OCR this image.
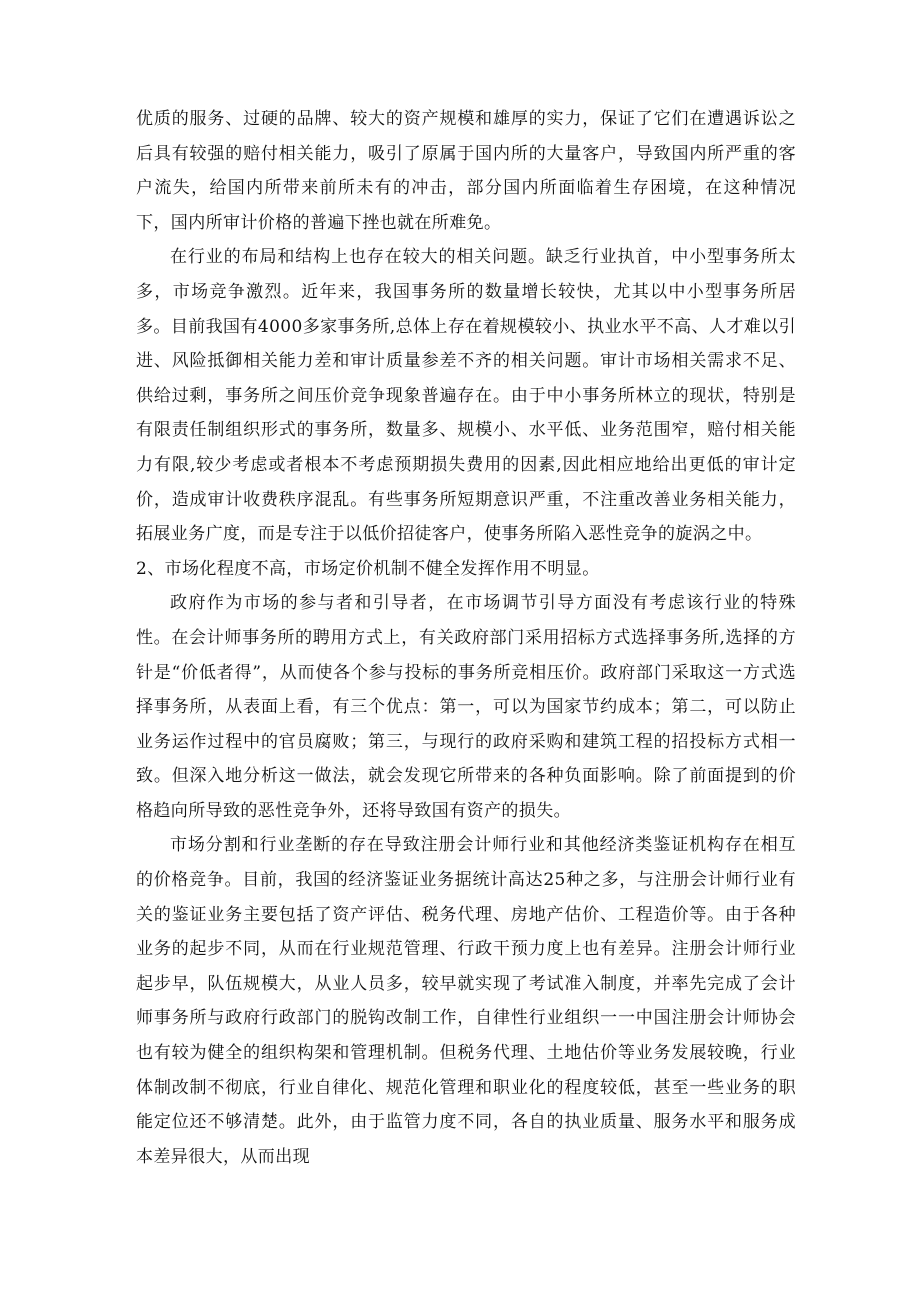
优质的服务、过硬的品牌、较大的资产规模和雄厚的实力，保证了它们在遭遇诉讼之后具有较强的赔付相关能力，吸引了原属于国内所的大量客户，导致国内所严重的客户流失，给国内所带来前所未有的冲击，部分国内所面临着生存困境，在这种情况下，国内所审计价格的普遍下挫也就在所难免。

在行业的布局和结构上也存在较大的相关问题。缺乏行业执首，中小型事务所太多，市场竞争激烈。近年来，我国事务所的数量增长较快，尤其以中小型事务所居多。目前我国有4000多家事务所,总体上存在着规模较小、执业水平不高、人才难以引进、风险抵御相关能力差和审计质量参差不齐的相关问题。审计市场相关需求不足、供给过剩，事务所之间压价竞争现象普遍存在。由于中小事务所林立的现状，特别是有限责任制组织形式的事务所，数量多、规模小、水平低、业务范围窄，赔付相关能力有限,较少考虑或者根本不考虑预期损失费用的因素,因此相应地给出更低的审计定价，造成审计收费秩序混乱。有些事务所短期意识严重，不注重改善业务相关能力，拓展业务广度，而是专注于以低价招徒客户，使事务所陷入恶性竞争的旋涡之中。

2、市场化程度不高，市场定价机制不健全发挥作用不明显。

政府作为市场的参与者和引导者，在市场调节引导方面没有考虑该行业的特殊性。在会计师事务所的聘用方式上，有关政府部门采用招标方式选择事务所,选择的方针是“价低者得”，从而使各个参与投标的事务所竞相压价。政府部门采取这一方式选择事务所，从表面上看，有三个优点：第一，可以为国家节约成本；第二，可以防止业务运作过程中的官员腐败；第三，与现行的政府采购和建筑工程的招投标方式相一致。但深入地分析这一做法，就会发现它所带来的各种负面影响。除了前面提到的价格趋向所导致的恶性竞争外，还将导致国有资产的损失。

市场分割和行业垄断的存在导致注册会计师行业和其他经济类鉴证机构存在相互的价格竞争。目前，我国的经济鉴证业务据统计高达25种之多，与注册会计师行业有关的鉴证业务主要包括了资产评估、税务代理、房地产估价、工程造价等。由于各种业务的起步不同，从而在行业规范管理、行政干预力度上也有差异。注册会计师行业起步早，队伍规模大，从业人员多，较早就实现了考试准入制度，并率先完成了会计师事务所与政府行政部门的脱钩改制工作，自律性行业组织一一中国注册会计师协会也有较为健全的组织构架和管理机制。但税务代理、土地估价等业务发展较晚，行业体制改制不彻底，行业自律化、规范化管理和职业化的程度较低，甚至一些业务的职能定位还不够清楚。此外，由于监管力度不同，各自的执业质量、服务水平和服务成本差异很大，从而出现
